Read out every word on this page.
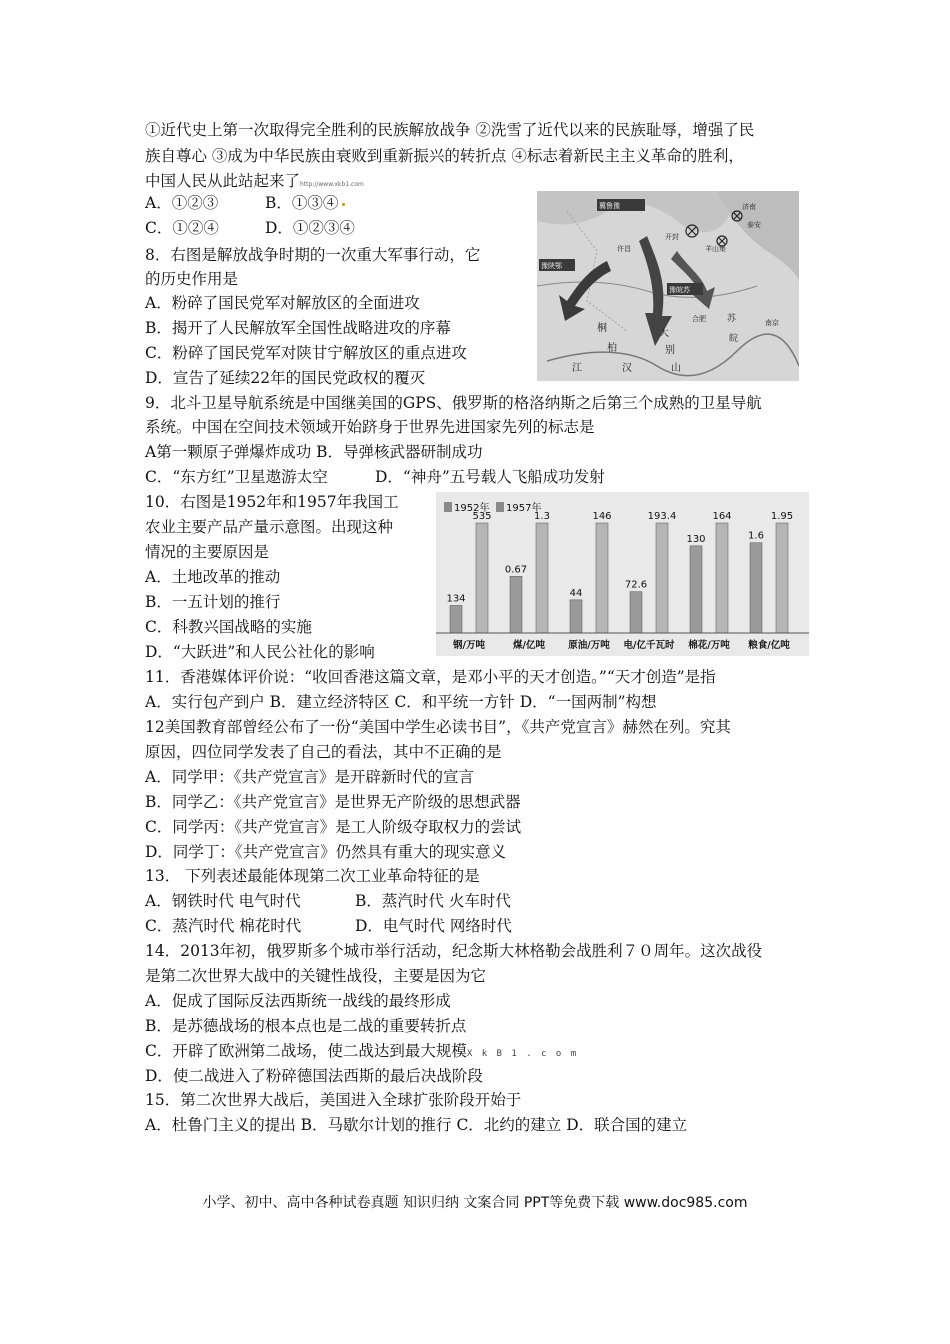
①近代史上第一次取得完全胜利的民族解放战争 ②洗雪了近代以来的民族耻辱，增强了民
族自尊心 ③成为中华民族由衰败到重新振兴的转折点 ④标志着新民主主义革命的胜利，
中国人民从此站起来了http://www.xkb1.com
A．①②③	B．①③④
C．①②④	D．①②③④
8．右图是解放战争时期的一次重大军事行动，它
的历史作用是
A．粉碎了国民党军对解放区的全面进攻
B．揭开了人民解放军全国性战略进攻的序幕
C．粉碎了国民党军对陕甘宁解放区的重点进攻
D．宣告了延续22年的国民党政权的覆灭
冀鲁豫
开封
济南
泰安
羊山集
许昌
豫皖苏
合肥	南京
大
别
山
桐
柏
江	汉
豫陕鄂
苏
皖
9．北斗卫星导航系统是中国继美国的GPS、俄罗斯的格洛纳斯之后第三个成熟的卫星导航
系统。中国在空间技术领域开始跻身于世界先进国家先列的标志是
A第一颗原子弹爆炸成功 B．导弹核武器研制成功
C．“东方红”卫星遨游太空	D．“神舟”五号载人飞船成功发射
10．右图是1952年和1957年我国工
农业主要产品产量示意图。出现这种
情况的主要原因是
A．土地改革的推动
B．一五计划的推行
C．科教兴国战略的实施
D．“大跃进”和人民公社化的影响
1952年 1957年
134
535
0.67
1.3
44
146
72.6
193.4
130
164
1.6
1.95
钢/万吨	煤/亿吨 原油/万吨 电/亿千瓦时 棉花/万吨 粮食/亿吨
11．香港媒体评价说：“收回香港这篇文章，是邓小平的天才创造。”“天才创造”是指
A．实行包产到户 B．建立经济特区 C．和平统一方针 D．“一国两制”构想
12美国教育部曾经公布了一份“美国中学生必读书目”，《共产党宣言》赫然在列。究其
原因，四位同学发表了自己的看法，其中不正确的是
A．同学甲：《共产党宣言》是开辟新时代的宣言
B．同学乙：《共产党宣言》是世界无产阶级的思想武器
C．同学丙：《共产党宣言》是工人阶级夺取权力的尝试
D．同学丁：《共产党宣言》仍然具有重大的现实意义
13． 下列表述最能体现第二次工业革命特征的是
A．钢铁时代 电气时代	B．蒸汽时代 火车时代
C．蒸汽时代 棉花时代	D．电气时代 网络时代
14．2013年初，俄罗斯多个城市举行活动，纪念斯大林格勒会战胜利７０周年。这次战役
是第二次世界大战中的关键性战役，主要是因为它
A．促成了国际反法西斯统一战线的最终形成
B．是苏德战场的根本点也是二战的重要转折点
C．开辟了欧洲第二战场，使二战达到最大规模X k B 1 . c o m
D．使二战进入了粉碎德国法西斯的最后决战阶段
15．第二次世界大战后，美国进入全球扩张阶段开始于
A．杜鲁门主义的提出 B．马歇尔计划的推行 C．北约的建立 D．联合国的建立
小学、初中、高中各种试卷真题 知识归纳 文案合同 PPT等免费下载 www.doc985.com
